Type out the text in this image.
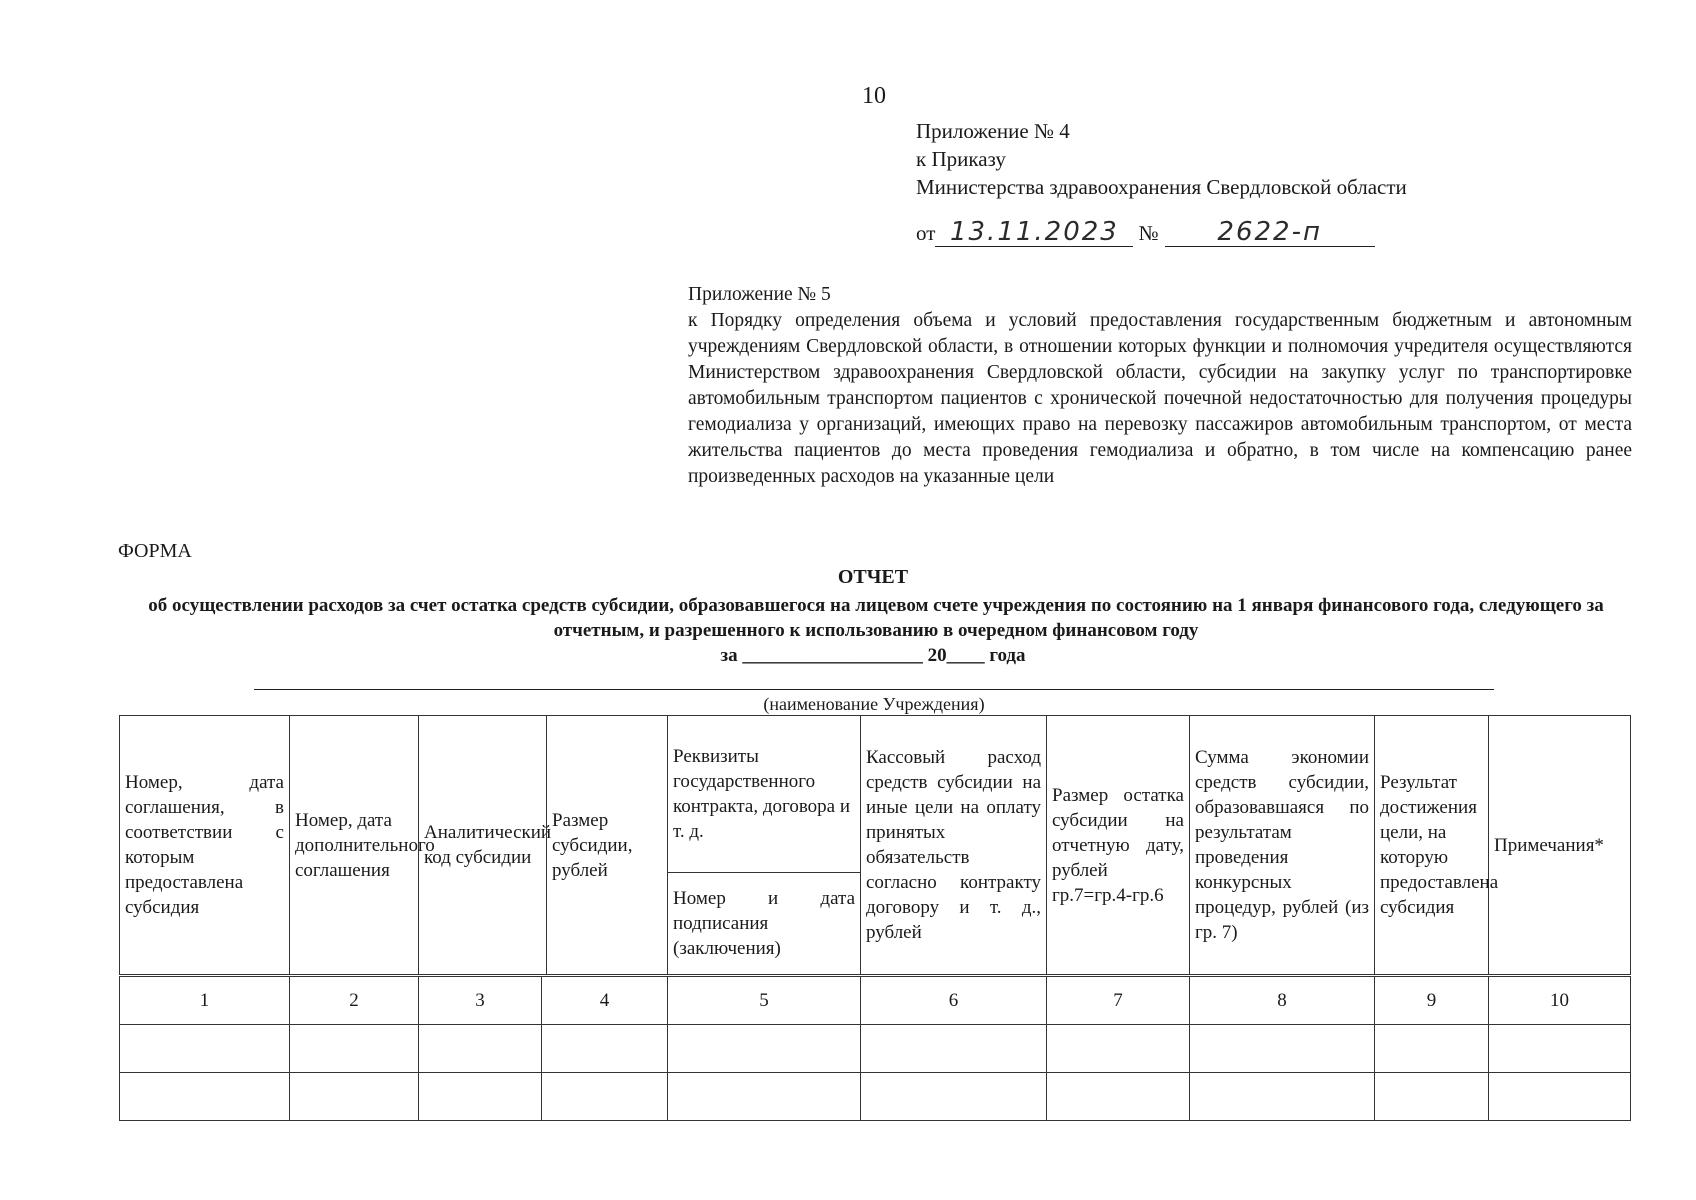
10
Приложение № 4
к Приказу
Министерства здравоохранения Свердловской области
от 13.11.2023 № 2622-п
Приложение № 5
к Порядку определения объема и условий предоставления государственным бюджетным и автономным учреждениям Свердловской области, в отношении которых функции и полномочия учредителя осуществляются Министерством здравоохранения Свердловской области, субсидии на закупку услуг по транспортировке автомобильным транспортом пациентов с хронической почечной недостаточностью для получения процедуры гемодиализа у организаций, имеющих право на перевозку пассажиров автомобильным транспортом, от места жительства пациентов до места проведения гемодиализа и обратно, в том числе на компенсацию ранее произведенных расходов на указанные цели
ФОРМА
ОТЧЕТ
об осуществлении расходов за счет остатка средств субсидии, образовавшегося на лицевом счете учреждения по состоянию на 1 января финансового года, следующего за отчетным, и разрешенного к использованию в очередном финансовом году
за ___________________ 20____ года
(наименование Учреждения)
Номер, дата соглашения, в соответствии с которым предоставлена субсидия	Номер, дата дополнительного соглашения	Аналитический код субсидии	Размер субсидии, рублей	Реквизиты государственного контракта, договора и т. д.	Кассовый расход средств субсидии на иные цели на оплату принятых обязательств согласно контракту договору и т. д., рублей	Размер остатка субсидии на отчетную дату, рублей гр.7=гр.4-гр.6	Сумма экономии средств субсидии, образовавшаяся по результатам проведения конкурсных процедур, рублей (из гр. 7)	Результат достижения цели, на которую предоставлена субсидия	Примечания*
Номер и дата подписания (заключения)
1	2	3	4	5	6	7	8	9	10
